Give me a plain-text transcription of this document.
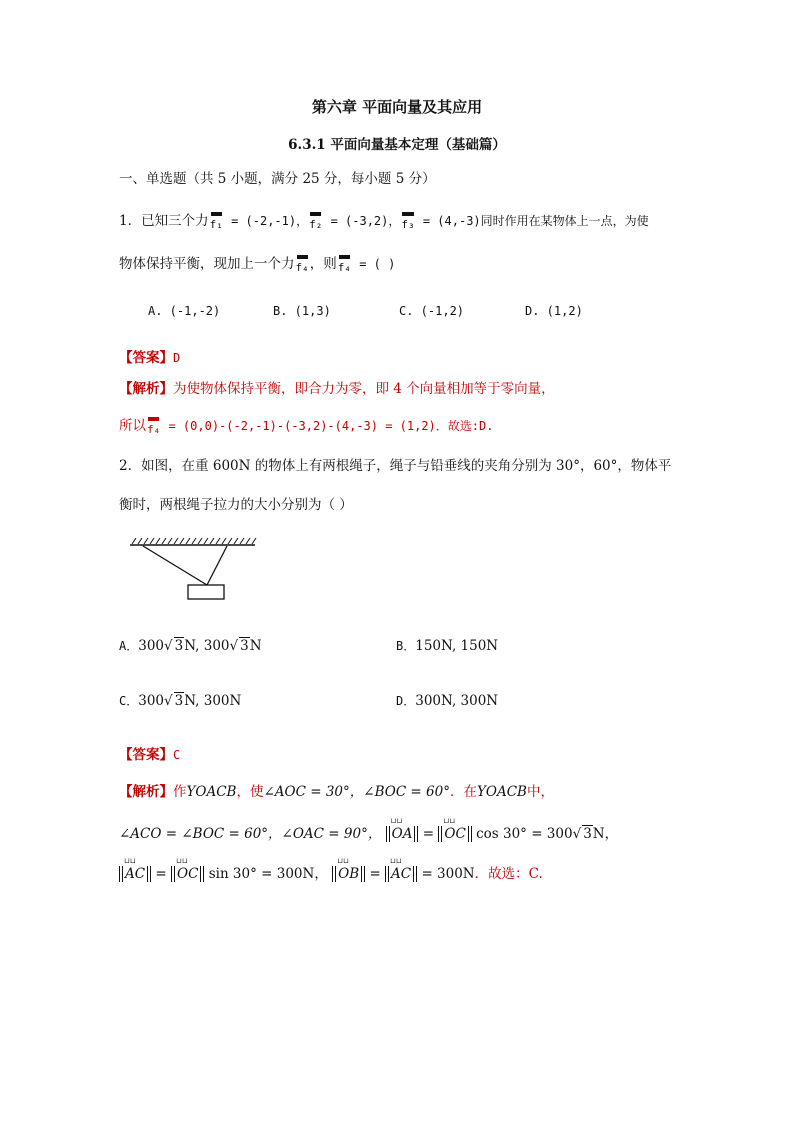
第六章 平面向量及其应用
6.3.1 平面向量基本定理（基础篇）
一、单选题（共 5 小题，满分 25 分，每小题 5 分）
1．已知三个力f₁ = (-2,-1)，f₂ = (-3,2)，f₃ = (4,-3)同时作用在某物体上一点，为使
物体保持平衡，现加上一个力f₄，则f₄ = ( )
A. (-1,-2)	B. (1,3)	C. (-1,2)	D. (1,2)
【答案】D
【解析】为使物体保持平衡，即合力为零，即 4 个向量相加等于零向量，
所以f₄ = (0,0)-(-2,-1)-(-3,2)-(4,-3) = (1,2)．故选:D.
2．如图，在重 600N 的物体上有两根绳子，绳子与铅垂线的夹角分别为 30°，60°，物体平
衡时，两根绳子拉力的大小分别为（ ）
A．300√ 3N, 300√ 3N	B．150N, 150N
C．300√ 3N, 300N	D．300N, 300N
【答案】C
【解析】作YOACB，使∠AOC = 30°，∠BOC = 60°．在YOACB中，
∠ACO = ∠BOC = 60°，∠OAC = 90°， ⊔⊔ OA = ⊔⊔ OC cos 30° = 300√ 3N，
⊔⊔ AC = ⊔⊔ OC sin 30° = 300N， ⊔⊔ OB = ⊔⊔ AC = 300N．故选：C.
